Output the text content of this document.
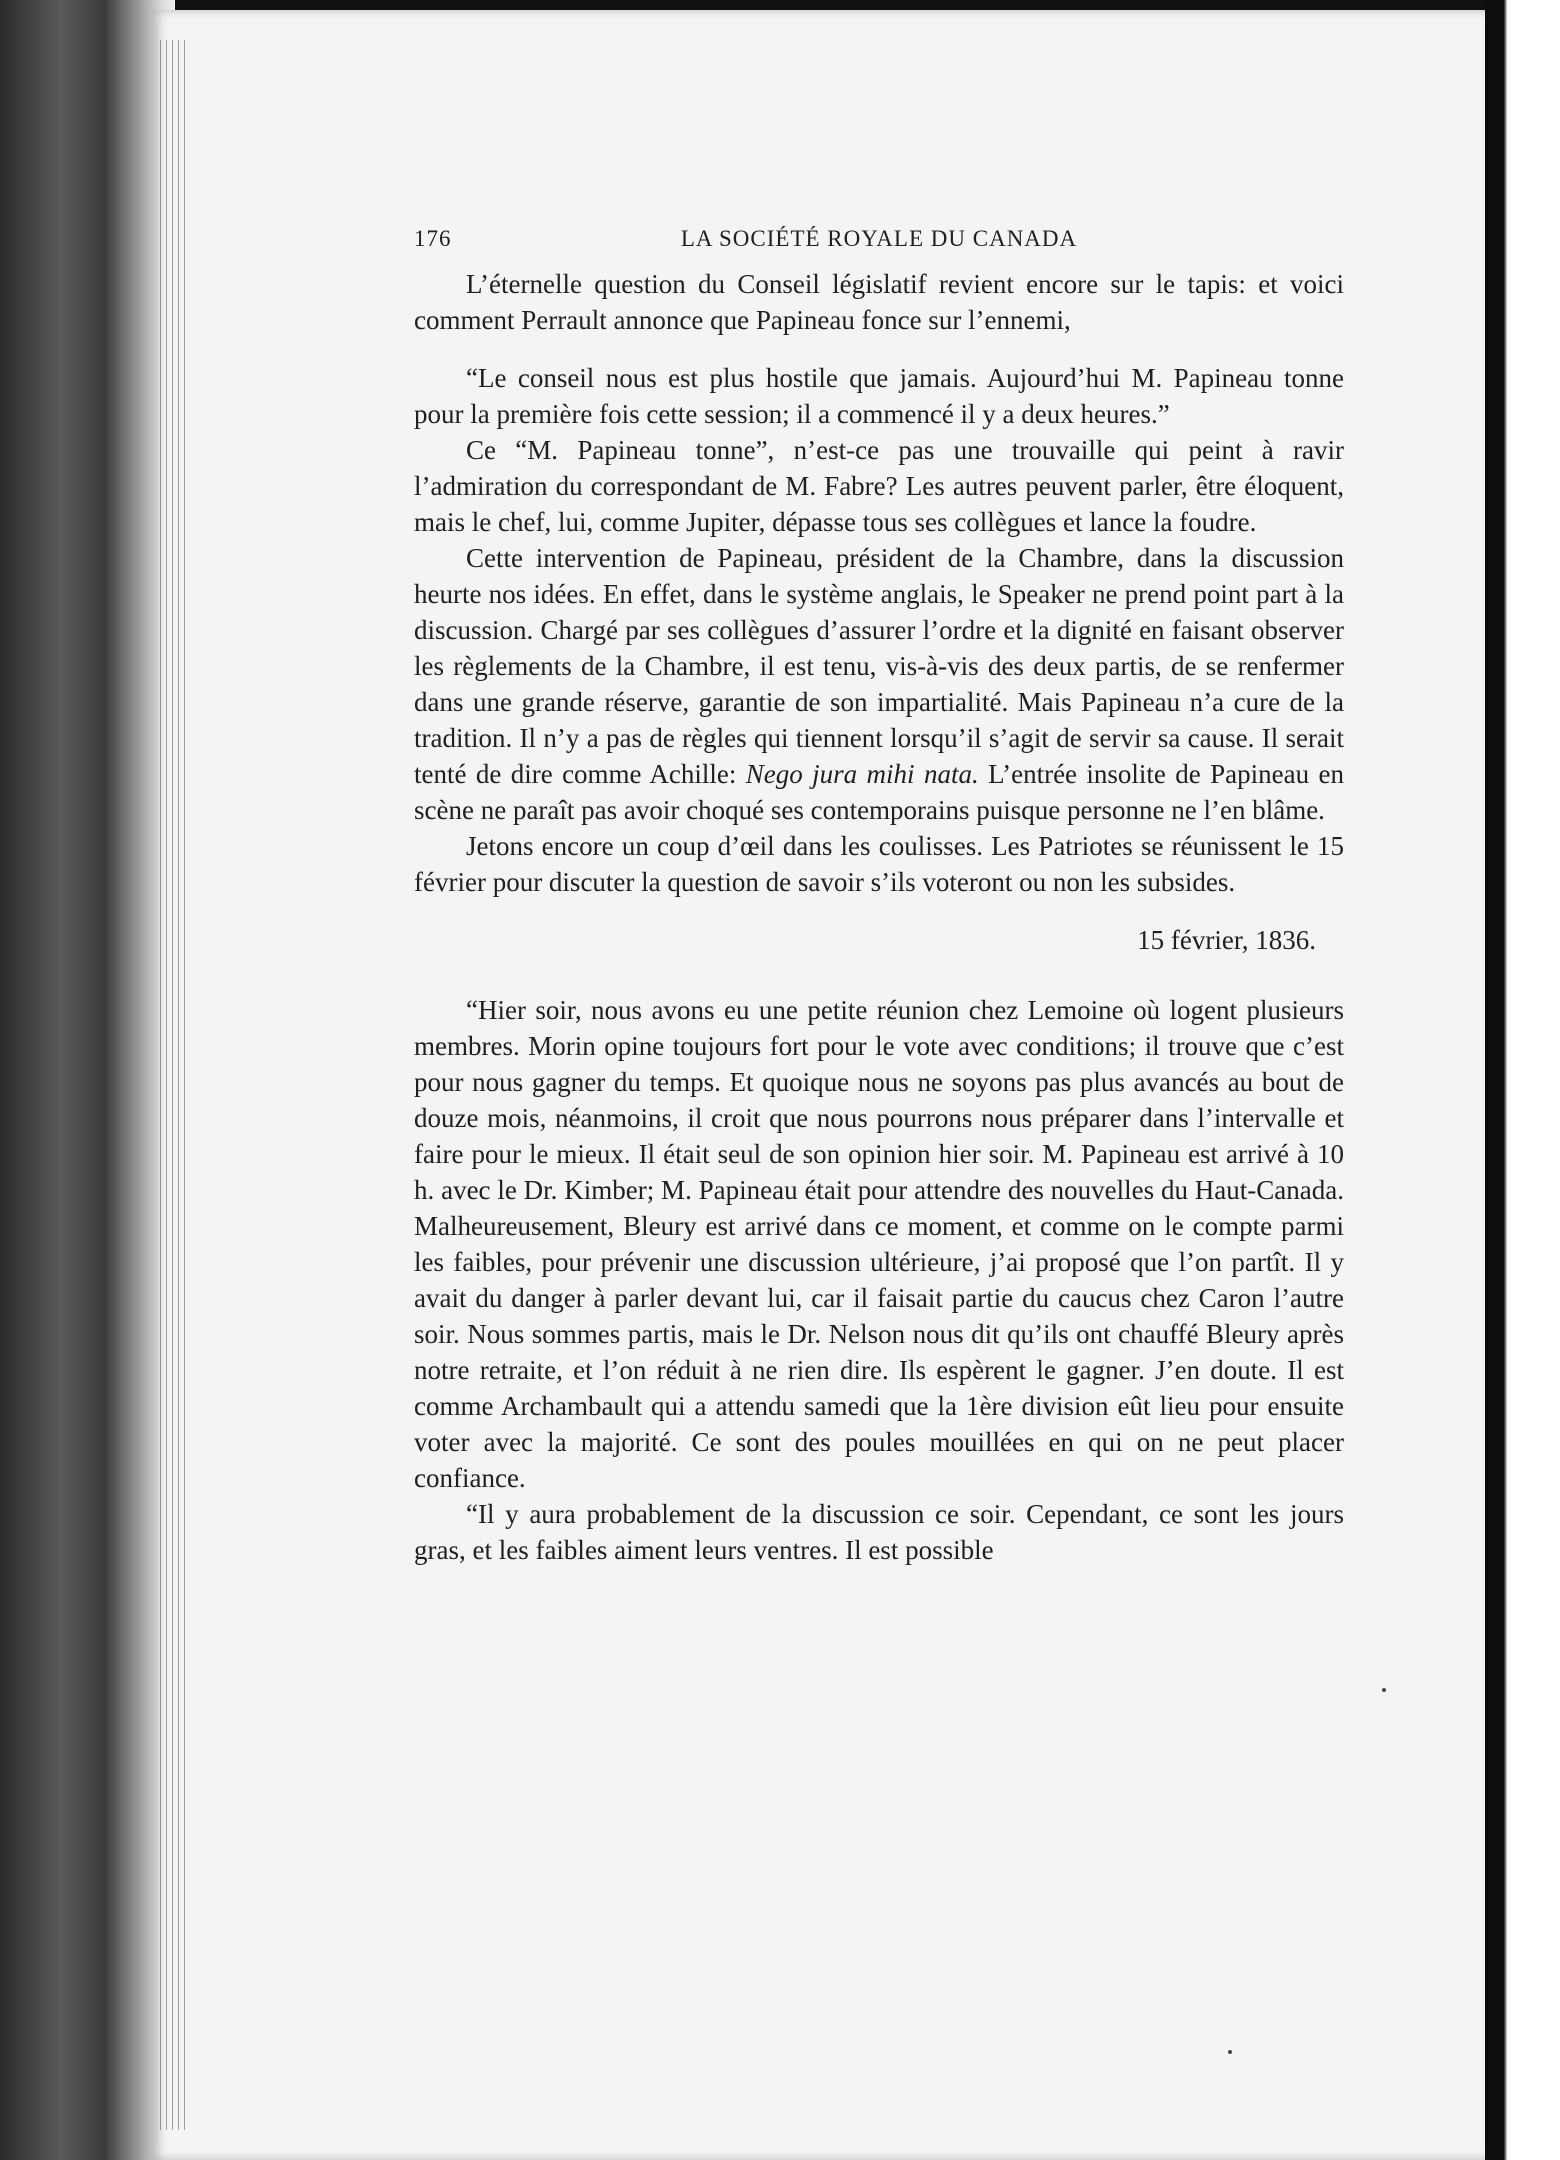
176	LA SOCIÉTÉ ROYALE DU CANADA

L’éternelle question du Conseil législatif revient encore sur le tapis: et voici comment Perrault annonce que Papineau fonce sur l’ennemi,

“Le conseil nous est plus hostile que jamais. Aujourd’hui M. Papineau tonne pour la première fois cette session; il a commencé il y a deux heures.”

Ce “M. Papineau tonne”, n’est-ce pas une trouvaille qui peint à ravir l’admiration du correspondant de M. Fabre? Les autres peuvent parler, être éloquent, mais le chef, lui, comme Jupiter, dépasse tous ses collègues et lance la foudre.

Cette intervention de Papineau, président de la Chambre, dans la discussion heurte nos idées. En effet, dans le système anglais, le Speaker ne prend point part à la discussion. Chargé par ses collègues d’assurer l’ordre et la dignité en faisant observer les règlements de la Chambre, il est tenu, vis-à-vis des deux partis, de se renfermer dans une grande réserve, garantie de son impartialité. Mais Papineau n’a cure de la tradition. Il n’y a pas de règles qui tiennent lorsqu’il s’agit de servir sa cause. Il serait tenté de dire comme Achille: Nego jura mihi nata. L’entrée insolite de Papineau en scène ne paraît pas avoir choqué ses contemporains puisque personne ne l’en blâme.

Jetons encore un coup d’œil dans les coulisses. Les Patriotes se réunissent le 15 février pour discuter la question de savoir s’ils voteront ou non les subsides.

15 février, 1836.

“Hier soir, nous avons eu une petite réunion chez Lemoine où logent plusieurs membres. Morin opine toujours fort pour le vote avec conditions; il trouve que c’est pour nous gagner du temps. Et quoique nous ne soyons pas plus avancés au bout de douze mois, néanmoins, il croit que nous pourrons nous préparer dans l’intervalle et faire pour le mieux. Il était seul de son opinion hier soir. M. Papineau est arrivé à 10 h. avec le Dr. Kimber; M. Papineau était pour attendre des nouvelles du Haut-Canada. Malheureusement, Bleury est arrivé dans ce moment, et comme on le compte parmi les faibles, pour prévenir une discussion ultérieure, j’ai proposé que l’on partît. Il y avait du danger à parler devant lui, car il faisait partie du caucus chez Caron l’autre soir. Nous sommes partis, mais le Dr. Nelson nous dit qu’ils ont chauffé Bleury après notre retraite, et l’on réduit à ne rien dire. Ils espèrent le gagner. J’en doute. Il est comme Archambault qui a attendu samedi que la 1ère division eût lieu pour ensuite voter avec la majorité. Ce sont des poules mouillées en qui on ne peut placer confiance.

“Il y aura probablement de la discussion ce soir. Cependant, ce sont les jours gras, et les faibles aiment leurs ventres. Il est possible
